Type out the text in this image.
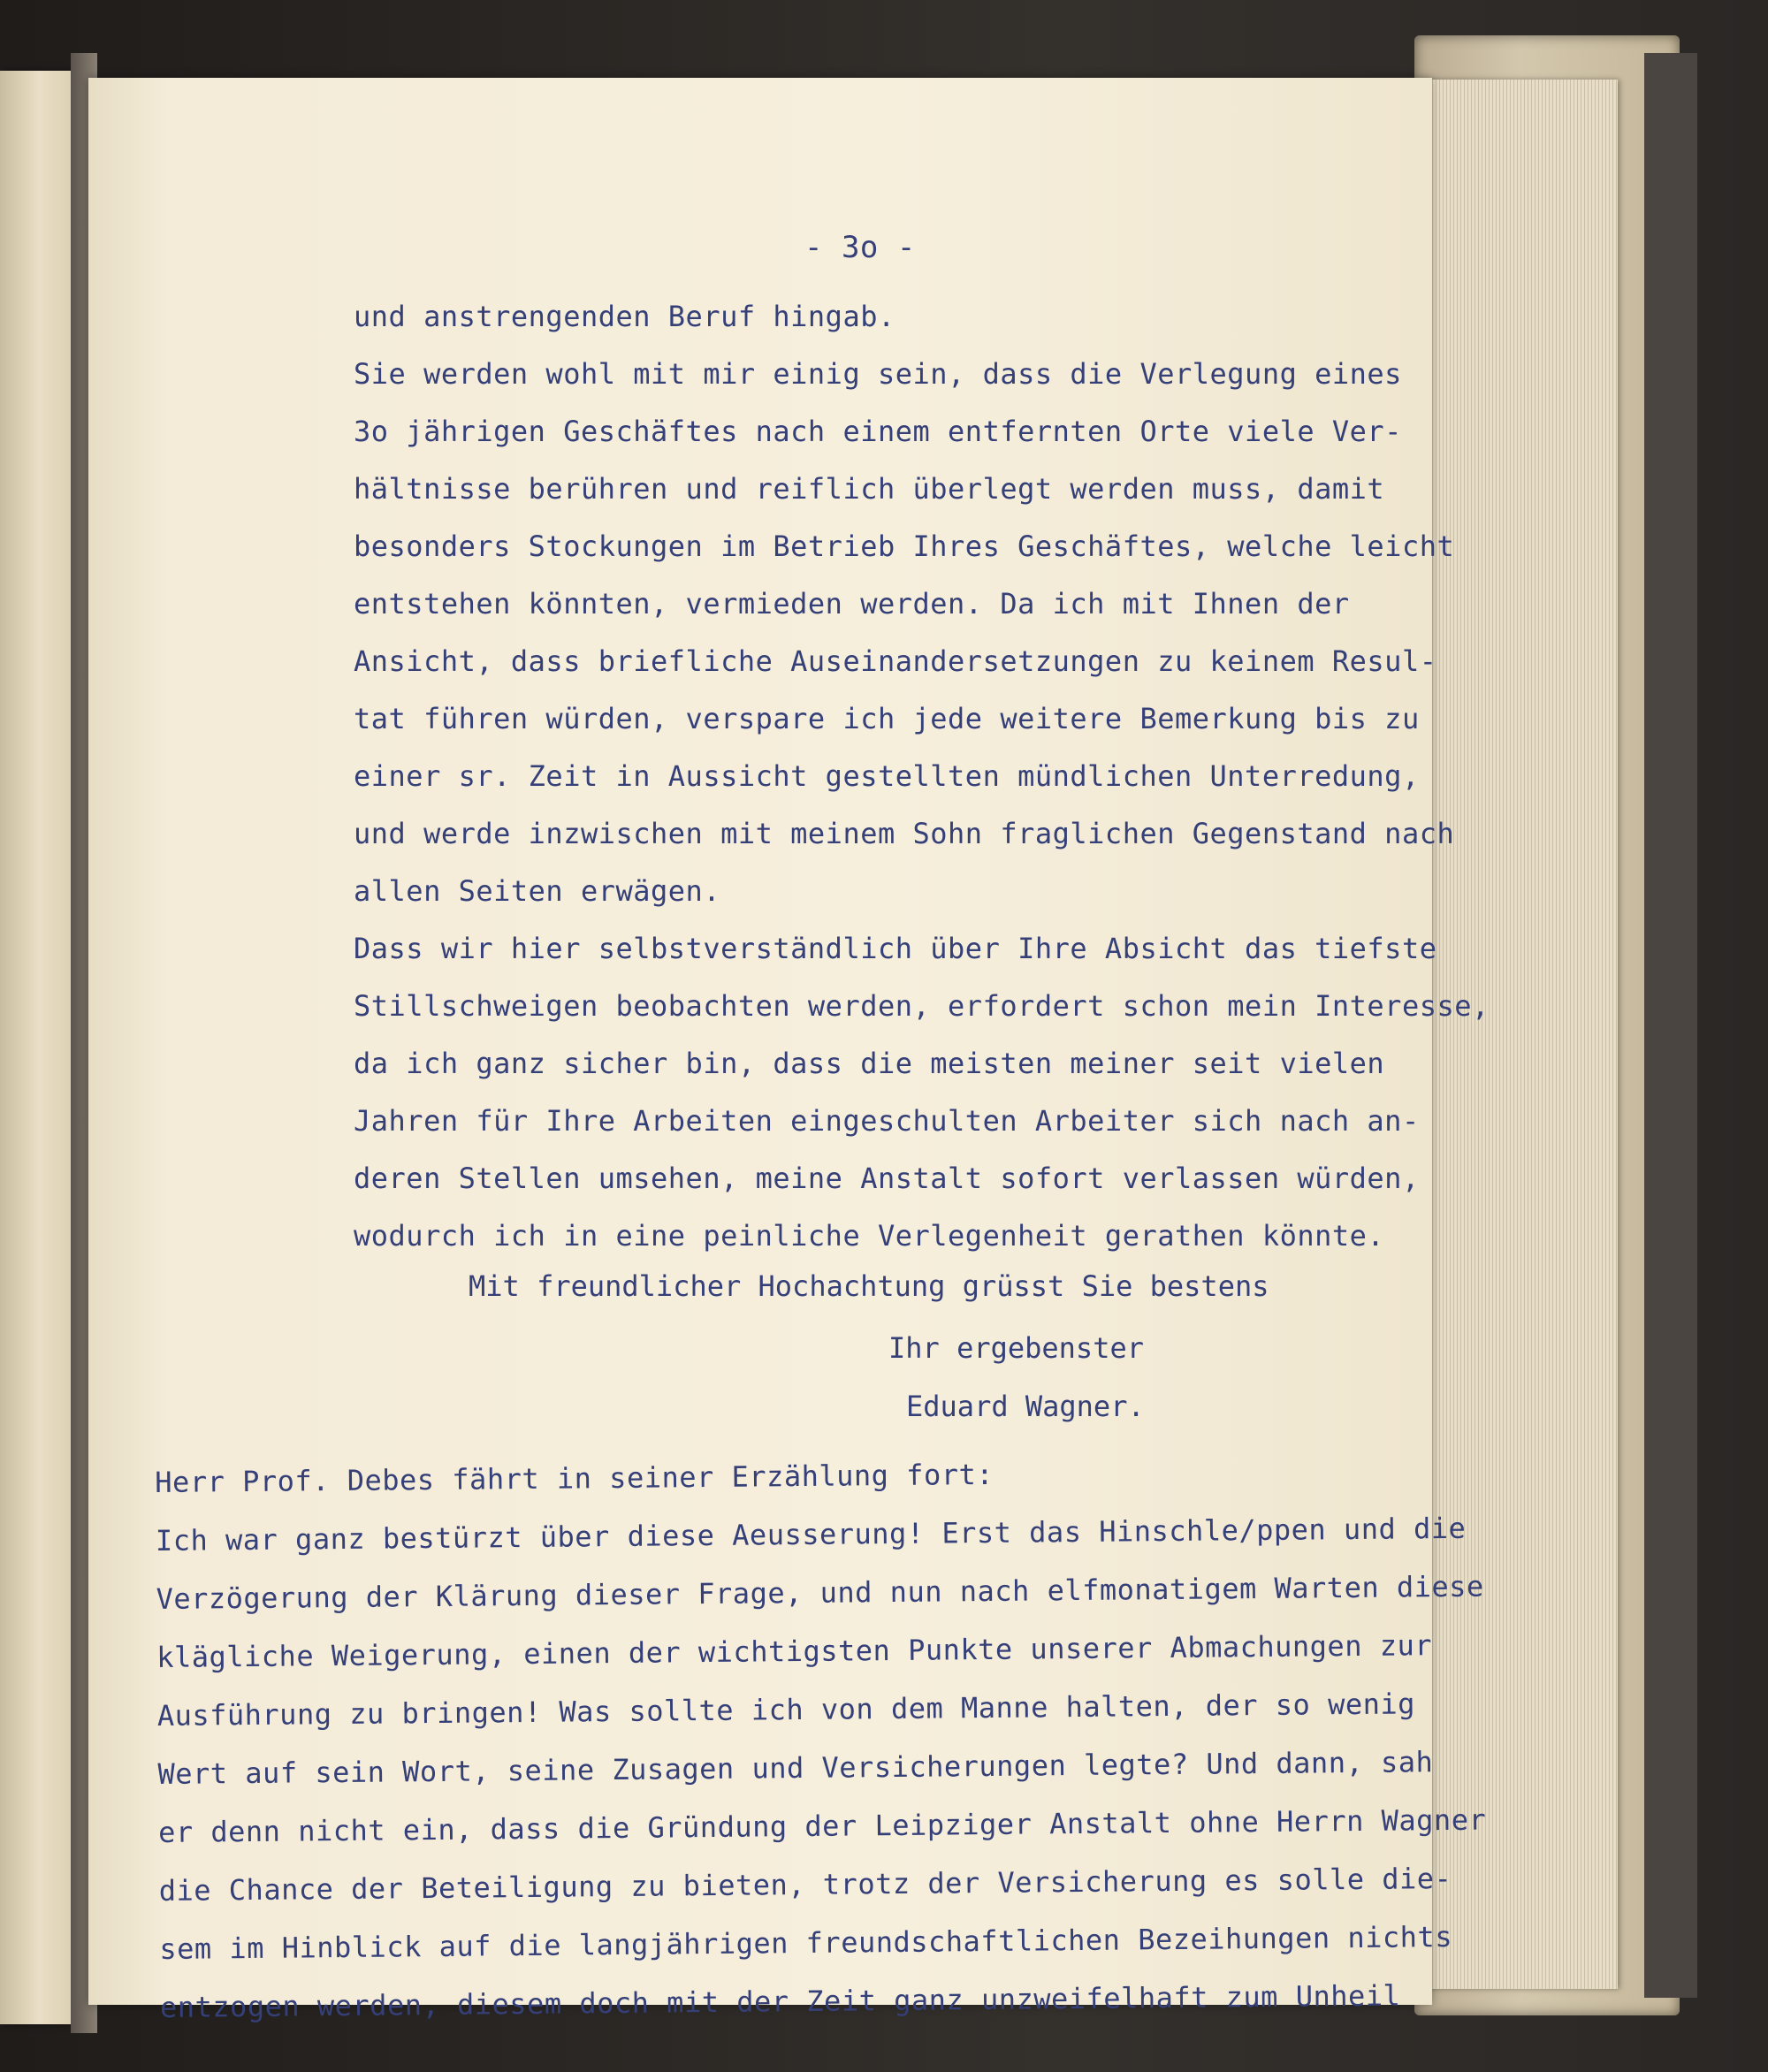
- 3o -
und anstrengenden Beruf hingab.
Sie werden wohl mit mir einig sein, dass die Verlegung eines
3o jährigen Geschäftes nach einem entfernten Orte viele Ver-
hältnisse berühren und reiflich überlegt werden muss, damit
besonders Stockungen im Betrieb Ihres Geschäftes, welche leicht
entstehen könnten, vermieden werden. Da ich mit Ihnen der
Ansicht, dass briefliche Auseinandersetzungen zu keinem Resul-
tat führen würden, verspare ich jede weitere Bemerkung bis zu
einer sr. Zeit in Aussicht gestellten mündlichen Unterredung,
und werde inzwischen mit meinem Sohn fraglichen Gegenstand nach
allen Seiten erwägen.
Dass wir hier selbstverständlich über Ihre Absicht das tiefste
Stillschweigen beobachten werden, erfordert schon mein Interesse,
da ich ganz sicher bin, dass die meisten meiner seit vielen
Jahren für Ihre Arbeiten eingeschulten Arbeiter sich nach an-
deren Stellen umsehen, meine Anstalt sofort verlassen würden,
wodurch ich in eine peinliche Verlegenheit gerathen könnte.
Mit freundlicher Hochachtung grüsst Sie bestens
Ihr ergebenster
Eduard Wagner.
Herr Prof. Debes fährt in seiner Erzählung fort:
Ich war ganz bestürzt über diese Aeusserung! Erst das Hinschle/ppen und die
Verzögerung der Klärung dieser Frage, und nun nach elfmonatigem Warten diese
klägliche Weigerung, einen der wichtigsten Punkte unserer Abmachungen zur
Ausführung zu bringen! Was sollte ich von dem Manne halten, der so wenig
Wert auf sein Wort, seine Zusagen und Versicherungen legte? Und dann, sah
er denn nicht ein, dass die Gründung der Leipziger Anstalt ohne Herrn Wagner
die Chance der Beteiligung zu bieten, trotz der Versicherung es solle die-
sem im Hinblick auf die langjährigen freundschaftlichen Bezeihungen nichts
entzogen werden, diesem doch mit der Zeit ganz unzweifelhaft zum Unheil
